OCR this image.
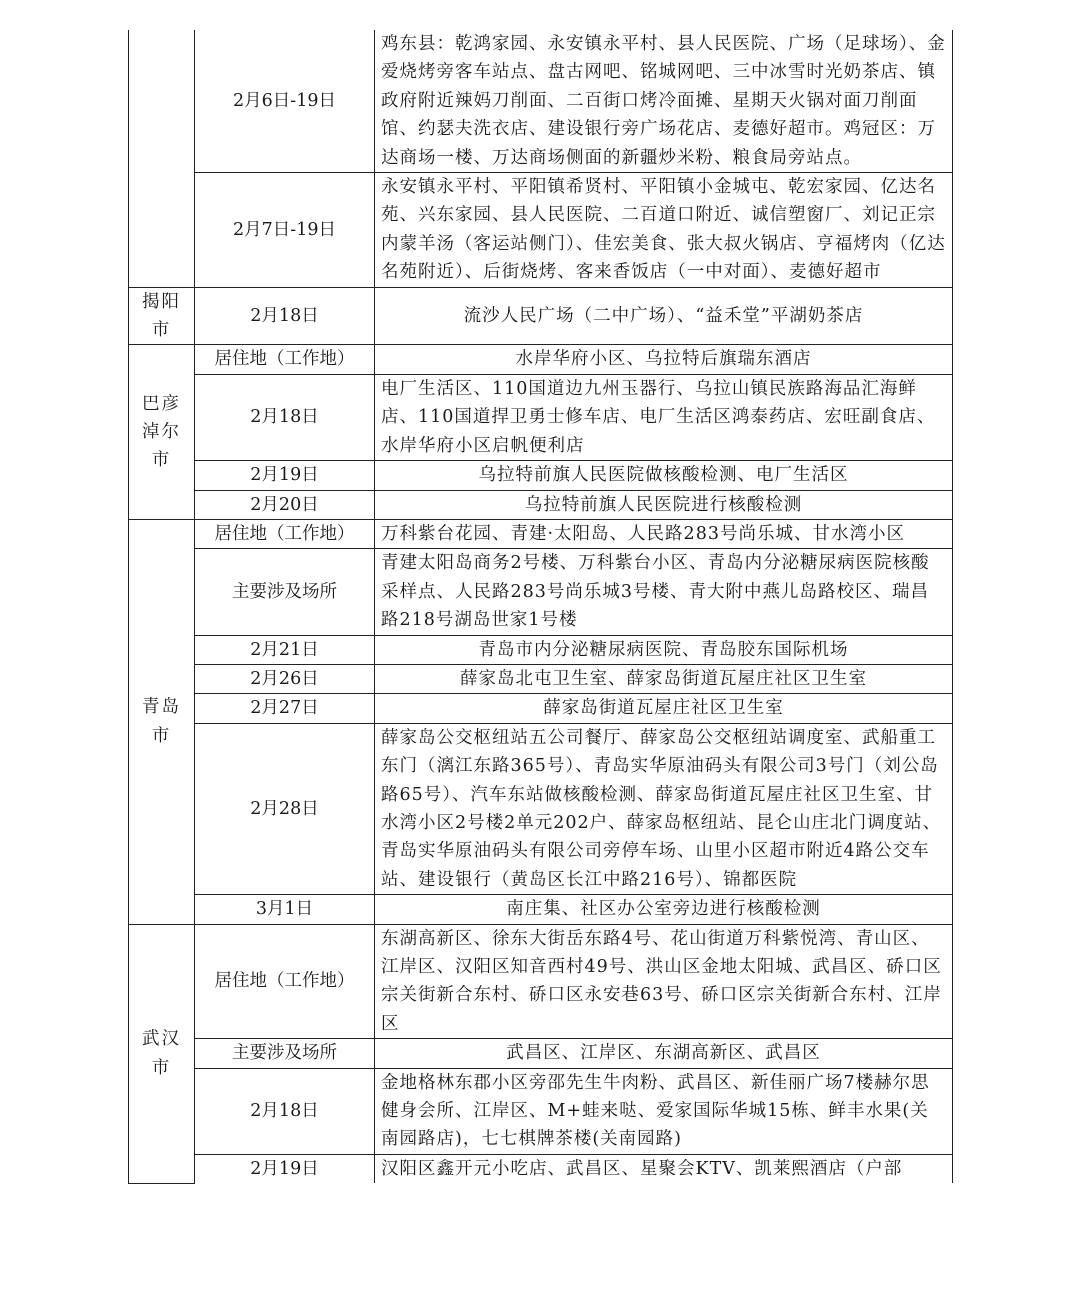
	2月6日-19日	鸡东县：乾鸿家园、永安镇永平村、县人民医院、广场（足球场）、金爱烧烤旁客车站点、盘古网吧、铭城网吧、三中冰雪时光奶茶店、镇政府附近辣妈刀削面、二百街口烤冷面摊、星期天火锅对面刀削面馆、约瑟夫洗衣店、建设银行旁广场花店、麦德好超市。鸡冠区：万达商场一楼、万达商场侧面的新疆炒米粉、粮食局旁站点。
	2月7日-19日	永安镇永平村、平阳镇希贤村、平阳镇小金城屯、乾宏家园、亿达名苑、兴东家园、县人民医院、二百道口附近、诚信塑窗厂、刘记正宗内蒙羊汤（客运站侧门）、佳宏美食、张大叔火锅店、亨福烤肉（亿达名苑附近）、后街烧烤、客来香饭店（一中对面）、麦德好超市
揭阳市	2月18日	流沙人民广场（二中广场）、“益禾堂”平湖奶茶店
巴彦淖尔市	居住地（工作地）	水岸华府小区、乌拉特后旗瑞东酒店
	2月18日	电厂生活区、110国道边九州玉器行、乌拉山镇民族路海品汇海鲜店、110国道捍卫勇士修车店、电厂生活区鸿泰药店、宏旺副食店、水岸华府小区启帆便利店
	2月19日	乌拉特前旗人民医院做核酸检测、电厂生活区
	2月20日	乌拉特前旗人民医院进行核酸检测
青岛市	居住地（工作地）	万科紫台花园、青建·太阳岛、人民路283号尚乐城、甘水湾小区
	主要涉及场所	青建太阳岛商务2号楼、万科紫台小区、青岛内分泌糖尿病医院核酸采样点、人民路283号尚乐城3号楼、青大附中燕儿岛路校区、瑞昌路218号湖岛世家1号楼
	2月21日	青岛市内分泌糖尿病医院、青岛胶东国际机场
	2月26日	薛家岛北屯卫生室、薛家岛街道瓦屋庄社区卫生室
	2月27日	薛家岛街道瓦屋庄社区卫生室
	2月28日	薛家岛公交枢纽站五公司餐厅、薛家岛公交枢纽站调度室、武船重工东门（漓江东路365号）、青岛实华原油码头有限公司3号门（刘公岛路65号）、汽车东站做核酸检测、薛家岛街道瓦屋庄社区卫生室、甘水湾小区2号楼2单元202户、薛家岛枢纽站、昆仑山庄北门调度站、青岛实华原油码头有限公司旁停车场、山里小区超市附近4路公交车站、建设银行（黄岛区长江中路216号）、锦都医院
	3月1日	南庄集、社区办公室旁边进行核酸检测
武汉市	居住地（工作地）	东湖高新区、徐东大街岳东路4号、花山街道万科紫悦湾、青山区、江岸区、汉阳区知音西村49号、洪山区金地太阳城、武昌区、硚口区宗关街新合东村、硚口区永安巷63号、硚口区宗关街新合东村、江岸区
	主要涉及场所	武昌区、江岸区、东湖高新区、武昌区
	2月18日	金地格林东郡小区旁邵先生牛肉粉、武昌区、新佳丽广场7楼赫尔思健身会所、江岸区、M+蛙来哒、爱家国际华城15栋、鲜丰水果(关南园路店)，七七棋牌茶楼(关南园路)
	2月19日	汉阳区鑫开元小吃店、武昌区、星聚会KTV、凯莱熙酒店（户部
